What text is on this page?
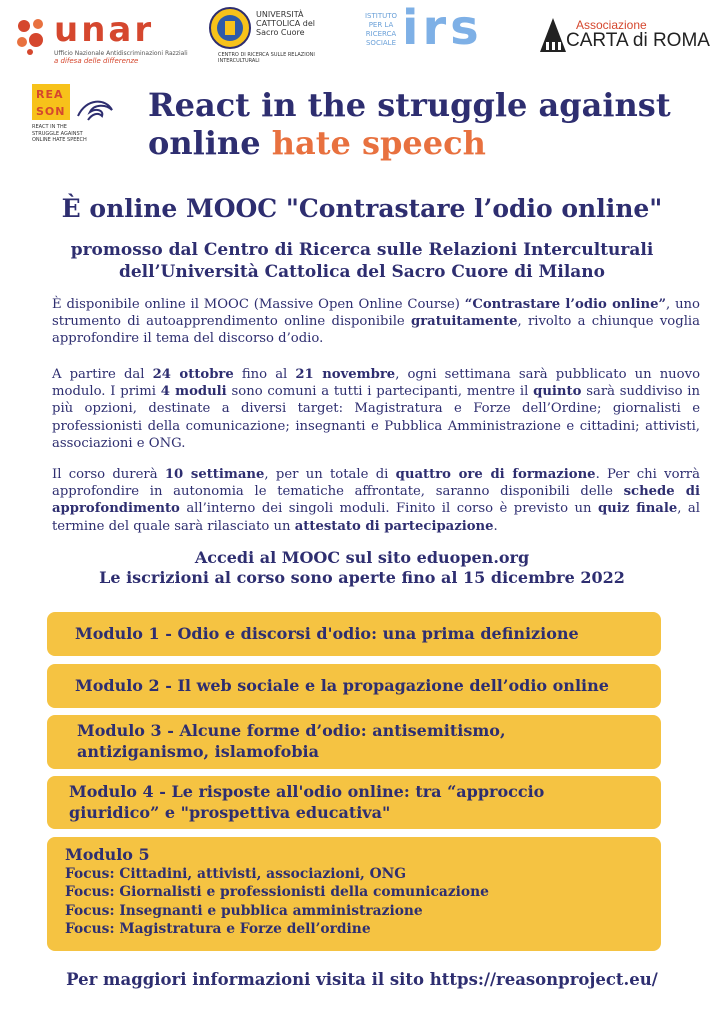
unar
Ufficio Nazionale Antidiscriminazioni Razziali
a difesa delle differenze
UNIVERSITÀ CATTOLICA del Sacro Cuore
CENTRO DI RICERCA SULLE RELAZIONI INTERCULTURALI
ISTITUTO PER LA RICERCA SOCIALE irs	Associazione
CARTA di ROMA
REA
SON
REACT IN THE STRUGGLE AGAINST ONLINE HATE SPEECH
React in the struggle against
online hate speech
È online MOOC "Contrastare l’odio online"
promosso dal Centro di Ricerca sulle Relazioni Interculturali
dell’Università Cattolica del Sacro Cuore di Milano
È disponibile online il MOOC (Massive Open Online Course) “Contrastare l’odio online”, uno strumento di autoapprendimento online disponibile gratuitamente, rivolto a chiunque voglia approfondire il tema del discorso d’odio.
A partire dal 24 ottobre fino al 21 novembre, ogni settimana sarà pubblicato un nuovo modulo. I primi 4 moduli sono comuni a tutti i partecipanti, mentre il quinto sarà suddiviso in più opzioni, destinate a diversi target: Magistratura e Forze dell’Ordine; giornalisti e professionisti della comunicazione; insegnanti e Pubblica Amministrazione e cittadini; attivisti, associazioni e ONG.
Il corso durerà 10 settimane, per un totale di quattro ore di formazione. Per chi vorrà approfondire in autonomia le tematiche affrontate, saranno disponibili delle schede di approfondimento all’interno dei singoli moduli. Finito il corso è previsto un quiz finale, al termine del quale sarà rilasciato un attestato di partecipazione.
Accedi al MOOC sul sito eduopen.org
Le iscrizioni al corso sono aperte fino al 15 dicembre 2022
Modulo 1 - Odio e discorsi d'odio: una prima definizione
Modulo 2 - Il web sociale e la propagazione dell’odio online
Modulo 3 - Alcune forme d’odio: antisemitismo,
antiziganismo, islamofobia
Modulo 4 - Le risposte all'odio online: tra “approccio
giuridico” e "prospettiva educativa"
Modulo 5
Focus: Cittadini, attivisti, associazioni, ONG
Focus: Giornalisti e professionisti della comunicazione
Focus: Insegnanti e pubblica amministrazione
Focus: Magistratura e Forze dell’ordine
Per maggiori informazioni visita il sito https://reasonproject.eu/
